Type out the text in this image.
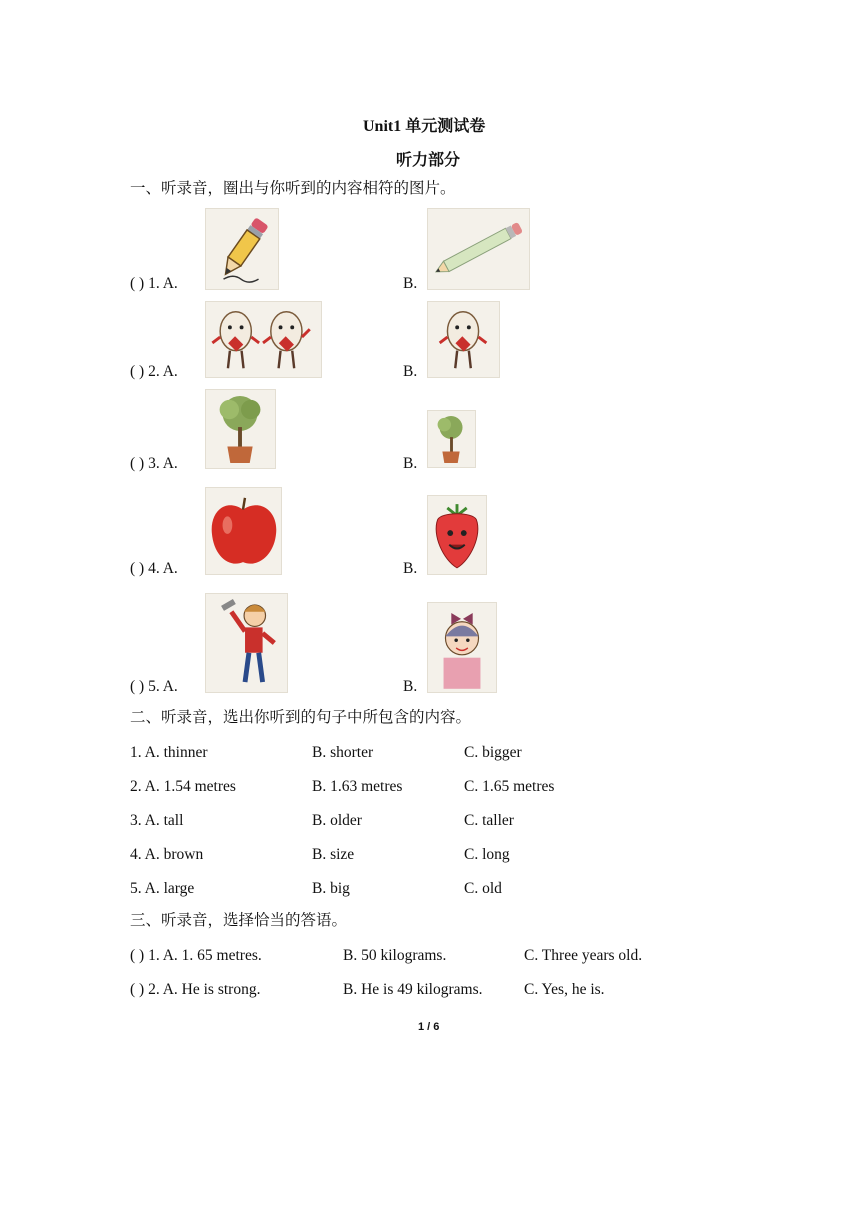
Unit1 单元测试卷
听力部分
一、听录音，圈出与你听到的内容相符的图片。
( ) 1. A.	B.
( ) 2. A.	B.
( ) 3. A.	B.
( ) 4. A.	B.
( ) 5. A.	B.
二、听录音，选出你听到的句子中所包含的内容。
1. A. thinner	B. shorter	C. bigger
2. A. 1.54 metres	B. 1.63 metres	C. 1.65 metres
3. A. tall	B. older	C. taller
4. A. brown	B. size	C. long
5. A. large	B. big	C. old
三、听录音，选择恰当的答语。
( ) 1. A. 1. 65 metres.	B. 50 kilograms.	C. Three years old.
( ) 2. A. He is strong.	B. He is 49 kilograms.	C. Yes, he is.
1 / 6
